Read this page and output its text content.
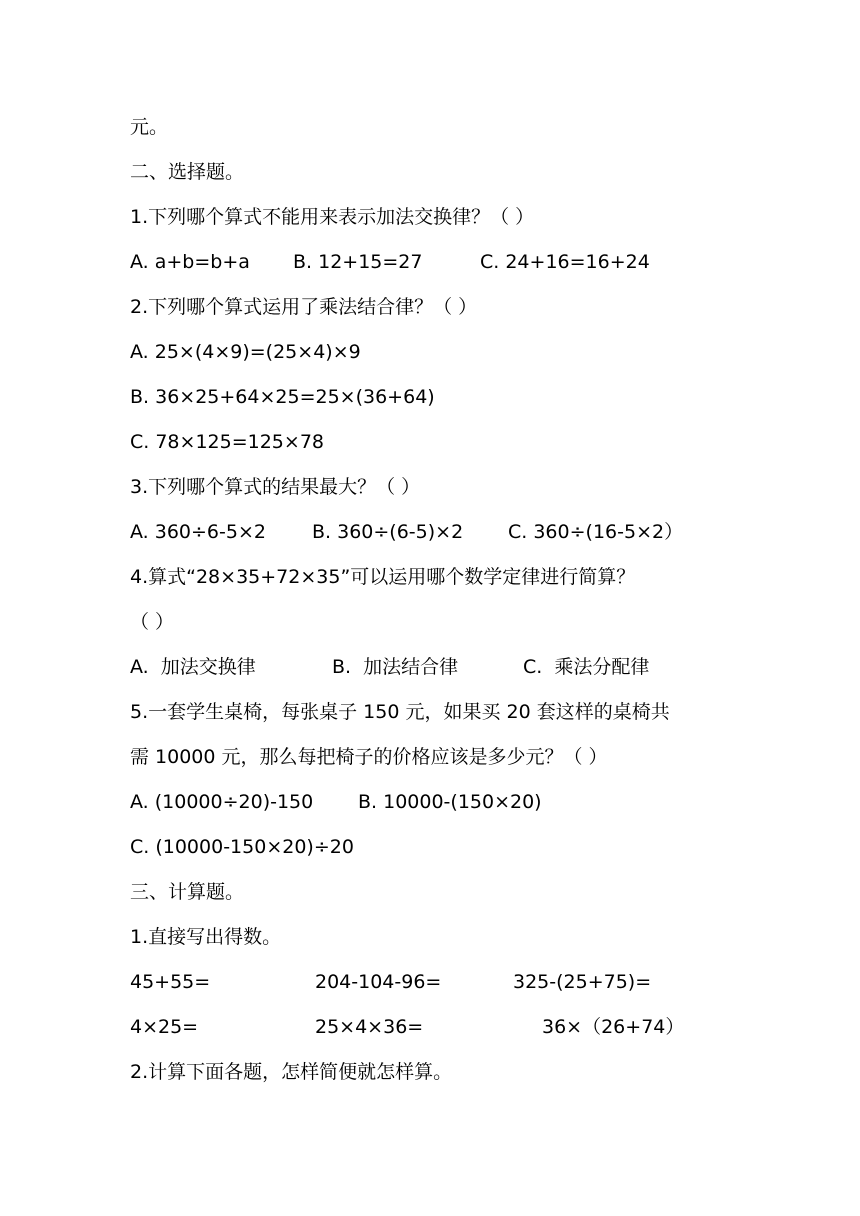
元。
二、选择题。
1.下列哪个算式不能用来表示加法交换律？（ ）
A. a+b=b+a B. 12+15=27	C. 24+16=16+24
2.下列哪个算式运用了乘法结合律？（ ）
A. 25×(4×9)=(25×4)×9
B. 36×25+64×25=25×(36+64)
C. 78×125=125×78
3.下列哪个算式的结果最大？（ ）
A. 360÷6-5×2 B. 360÷(6-5)×2 C. 360÷(16-5×2）
4.算式“28×35+72×35”可以运用哪个数学定律进行简算？
（ ）
A.  加法交换律	B.  加法结合律	C.  乘法分配律
5.一套学生桌椅，每张桌子 150 元，如果买 20 套这样的桌椅共
需 10000 元，那么每把椅子的价格应该是多少元？（ ）
A. (10000÷20)-150 B. 10000-(150×20)
C. (10000-150×20)÷20
三、计算题。
1.直接写出得数。
45+55=	204-104-96=	325-(25+75)=
4×25=	25×4×36=	36×（26+74）
2.计算下面各题，怎样简便就怎样算。
